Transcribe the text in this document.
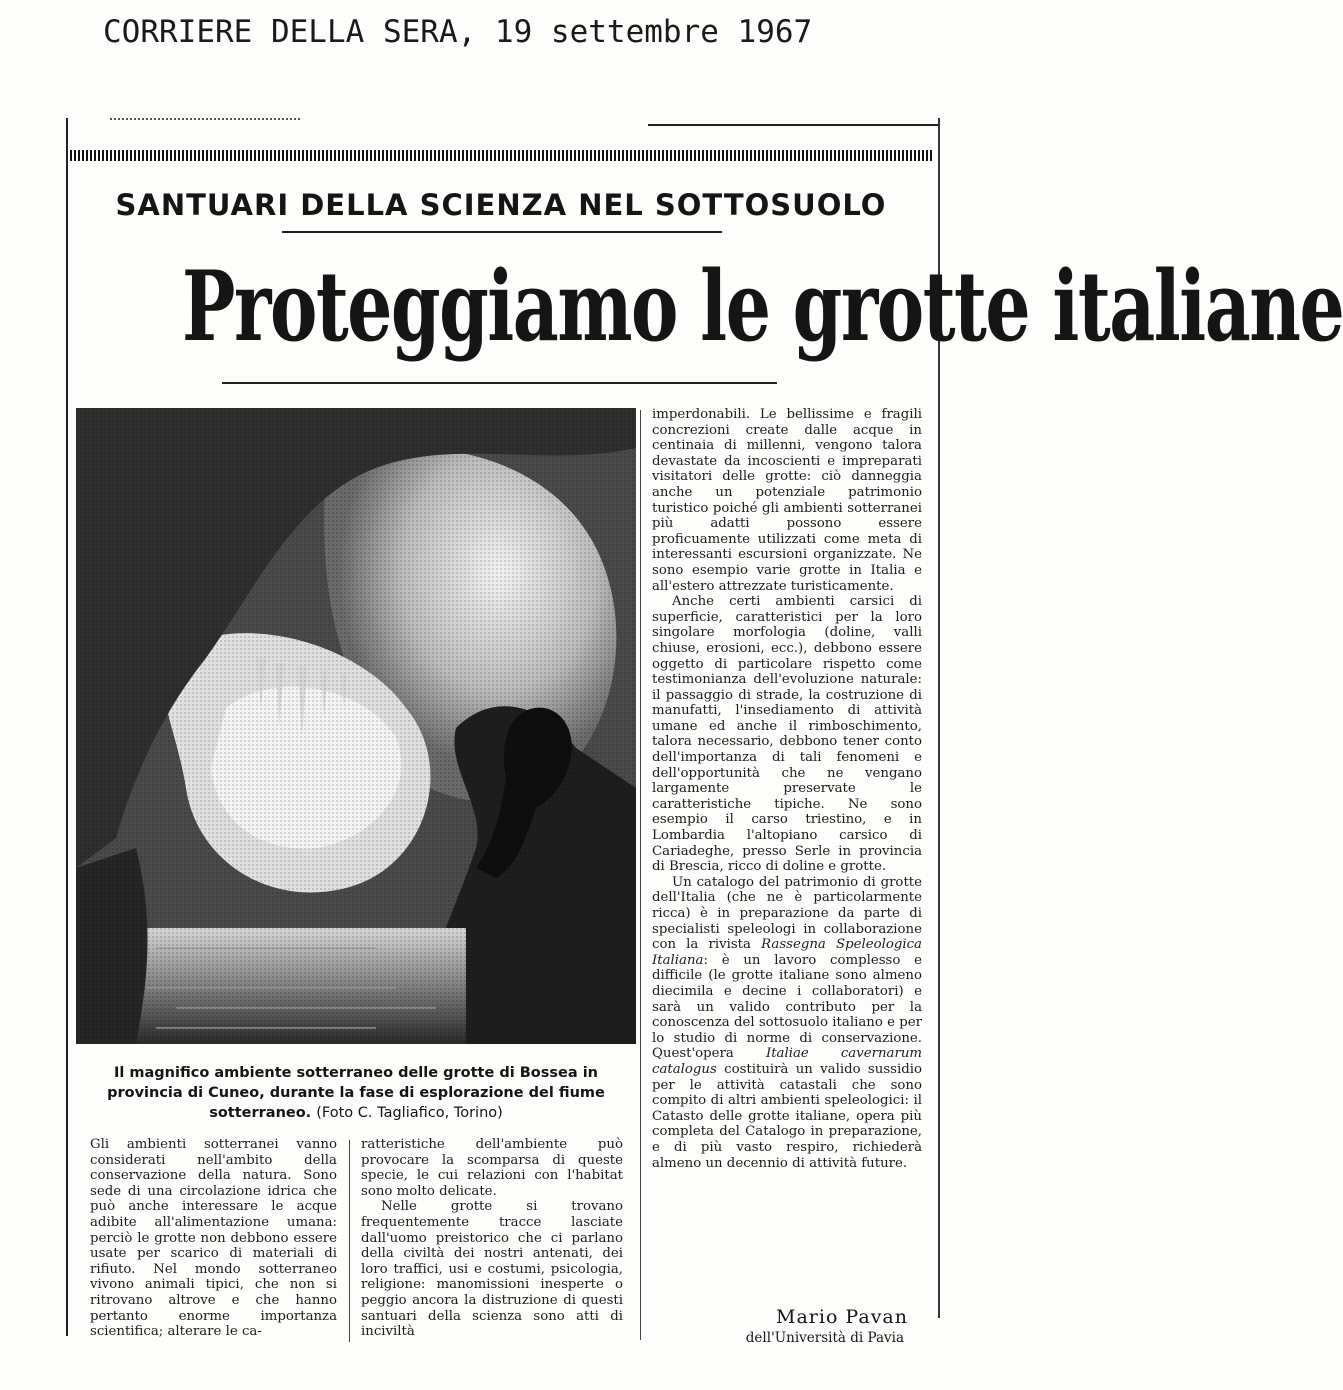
CORRIERE DELLA SERA, 19 settembre 1967
SANTUARI DELLA SCIENZA NEL SOTTOSUOLO
Proteggiamo le grotte italiane
Il magnifico ambiente sotterraneo delle grotte di Bossea in provincia di Cuneo, durante la fase di esplorazione del fiume sotterraneo. (Foto C. Tagliafico, Torino)

Gli ambienti sotterranei vanno considerati nell'ambito della conservazione della natura. Sono sede di una circolazione idrica che può anche interessare le acque adibite all'alimentazione umana: perciò le grotte non debbono essere usate per scarico di materiali di rifiuto. Nel mondo sotterraneo vivono animali tipici, che non si ritrovano altrove e che hanno pertanto enorme importanza scientifica; alterare le ca-

ratteristiche dell'ambiente può provocare la scomparsa di queste specie, le cui relazioni con l'habitat sono molto delicate.

Nelle grotte si trovano frequentemente tracce lasciate dall'uomo preistorico che ci parlano della civiltà dei nostri antenati, dei loro traffici, usi e costumi, psicologia, religione: manomissioni inesperte o peggio ancora la distruzione di questi santuari della scienza sono atti di inciviltà

imperdonabili. Le bellissime e fragili concrezioni create dalle acque in centinaia di millenni, vengono talora devastate da incoscienti e impreparati visitatori delle grotte: ciò danneggia anche un potenziale patrimonio turistico poiché gli ambienti sotterranei più adatti possono essere proficuamente utilizzati come meta di interessanti escursioni organizzate. Ne sono esempio varie grotte in Italia e all'estero attrezzate turisticamente.

Anche certi ambienti carsici di superficie, caratteristici per la loro singolare morfologia (doline, valli chiuse, erosioni, ecc.), debbono essere oggetto di particolare rispetto come testimonianza dell'evoluzione naturale: il passaggio di strade, la costruzione di manufatti, l'insediamento di attività umane ed anche il rimboschimento, talora necessario, debbono tener conto dell'importanza di tali fenomeni e dell'opportunità che ne vengano largamente preservate le caratteristiche tipiche. Ne sono esempio il carso triestino, e in Lombardia l'altopiano carsico di Cariadeghe, presso Serle in provincia di Brescia, ricco di doline e grotte.

Un catalogo del patrimonio di grotte dell'Italia (che ne è particolarmente ricca) è in preparazione da parte di specialisti speleologi in collaborazione con la rivista Rassegna Speleologica Italiana: è un lavoro complesso e difficile (le grotte italiane sono almeno diecimila e decine i collaboratori) e sarà un valido contributo per la conoscenza del sottosuolo italiano e per lo studio di norme di conservazione. Quest'opera Italiae cavernarum catalogus costituirà un valido sussidio per le attività catastali che sono compito di altri ambienti speleologici: il Catasto delle grotte italiane, opera più completa del Catalogo in preparazione, e di più vasto respiro, richiederà almeno un decennio di attività future.

Mario Pavan
dell'Università di Pavia
